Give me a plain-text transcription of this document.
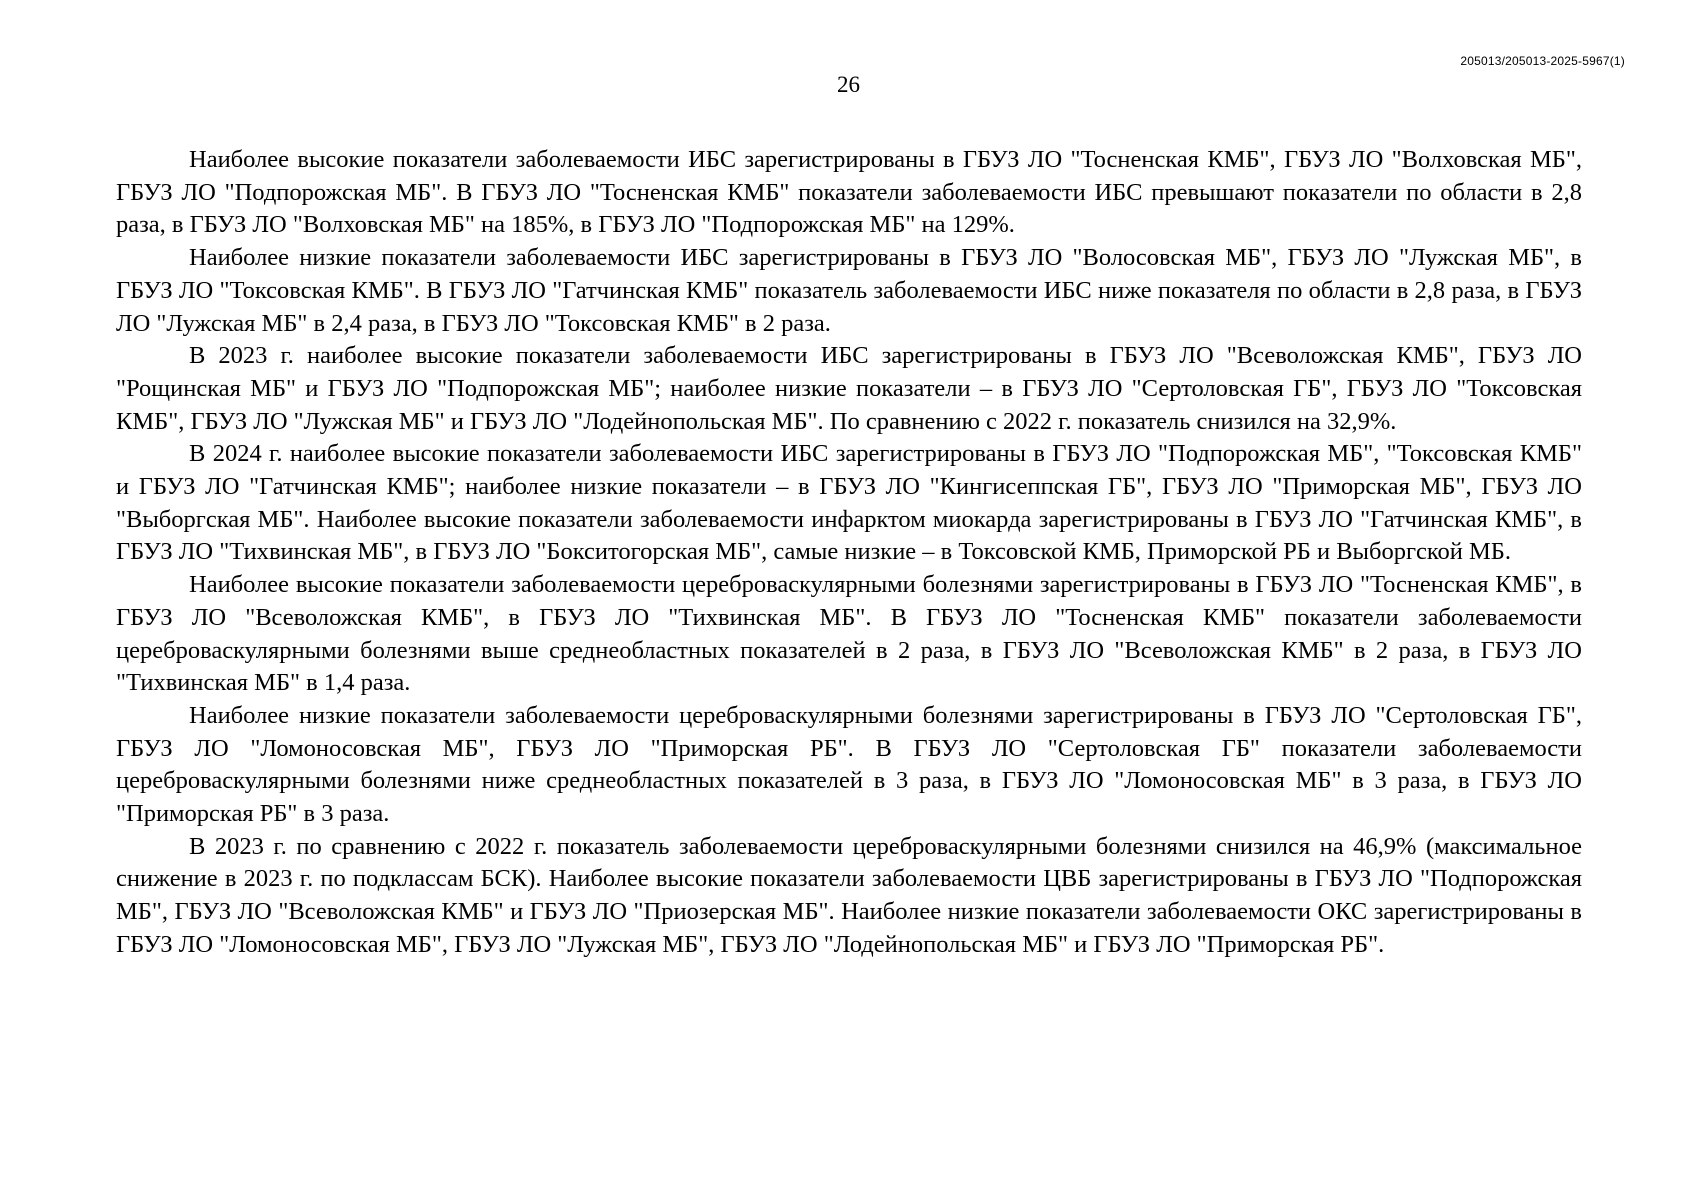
205013/205013-2025-5967(1)
26

Наиболее высокие показатели заболеваемости ИБС зарегистрированы в ГБУЗ ЛО "Тосненская КМБ", ГБУЗ ЛО "Волховская МБ", ГБУЗ ЛО "Подпорожская МБ". В ГБУЗ ЛО "Тосненская КМБ" показатели заболеваемости ИБС превышают показатели по области в 2,8 раза, в ГБУЗ ЛО "Волховская МБ" на 185%, в ГБУЗ ЛО "Подпорожская МБ" на 129%.

Наиболее низкие показатели заболеваемости ИБС зарегистрированы в ГБУЗ ЛО "Волосовская МБ", ГБУЗ ЛО "Лужская МБ", в ГБУЗ ЛО "Токсовская КМБ". В ГБУЗ ЛО "Гатчинская КМБ" показатель заболеваемости ИБС ниже показателя по области в 2,8 раза, в ГБУЗ ЛО "Лужская МБ" в 2,4 раза, в ГБУЗ ЛО "Токсовская КМБ" в 2 раза.

В 2023 г. наиболее высокие показатели заболеваемости ИБС зарегистрированы в ГБУЗ ЛО "Всеволожская КМБ", ГБУЗ ЛО "Рощинская МБ" и ГБУЗ ЛО "Подпорожская МБ"; наиболее низкие показатели – в ГБУЗ ЛО "Сертоловская ГБ", ГБУЗ ЛО "Токсовская КМБ", ГБУЗ ЛО "Лужская МБ" и ГБУЗ ЛО "Лодейнопольская МБ". По сравнению с 2022 г. показатель снизился на 32,9%.

В 2024 г. наиболее высокие показатели заболеваемости ИБС зарегистрированы в ГБУЗ ЛО "Подпорожская МБ", "Токсовская КМБ" и ГБУЗ ЛО "Гатчинская КМБ"; наиболее низкие показатели – в ГБУЗ ЛО "Кингисеппская ГБ", ГБУЗ ЛО "Приморская МБ", ГБУЗ ЛО "Выборгская МБ". Наиболее высокие показатели заболеваемости инфарктом миокарда зарегистрированы в ГБУЗ ЛО "Гатчинская КМБ", в ГБУЗ ЛО "Тихвинская МБ", в ГБУЗ ЛО "Бокситогорская МБ", самые низкие – в Токсовской КМБ, Приморской РБ и Выборгской МБ.

Наиболее высокие показатели заболеваемости цереброваскулярными болезнями зарегистрированы в ГБУЗ ЛО "Тосненская КМБ", в ГБУЗ ЛО "Всеволожская КМБ", в ГБУЗ ЛО "Тихвинская МБ". В ГБУЗ ЛО "Тосненская КМБ" показатели заболеваемости цереброваскулярными болезнями выше среднеобластных показателей в 2 раза, в ГБУЗ ЛО "Всеволожская КМБ" в 2 раза, в ГБУЗ ЛО "Тихвинская МБ" в 1,4 раза.

Наиболее низкие показатели заболеваемости цереброваскулярными болезнями зарегистрированы в ГБУЗ ЛО "Сертоловская ГБ", ГБУЗ ЛО "Ломоносовская МБ", ГБУЗ ЛО "Приморская РБ". В ГБУЗ ЛО "Сертоловская ГБ" показатели заболеваемости цереброваскулярными болезнями ниже среднеобластных показателей в 3 раза, в ГБУЗ ЛО "Ломоносовская МБ" в 3 раза, в ГБУЗ ЛО "Приморская РБ" в 3 раза.

В 2023 г. по сравнению с 2022 г. показатель заболеваемости цереброваскулярными болезнями снизился на 46,9% (максимальное снижение в 2023 г. по подклассам БСК). Наиболее высокие показатели заболеваемости ЦВБ зарегистрированы в ГБУЗ ЛО "Подпорожская МБ", ГБУЗ ЛО "Всеволожская КМБ" и ГБУЗ ЛО "Приозерская МБ". Наиболее низкие показатели заболеваемости ОКС зарегистрированы в ГБУЗ ЛО "Ломоносовская МБ", ГБУЗ ЛО "Лужская МБ", ГБУЗ ЛО "Лодейнопольская МБ" и ГБУЗ ЛО "Приморская РБ".
